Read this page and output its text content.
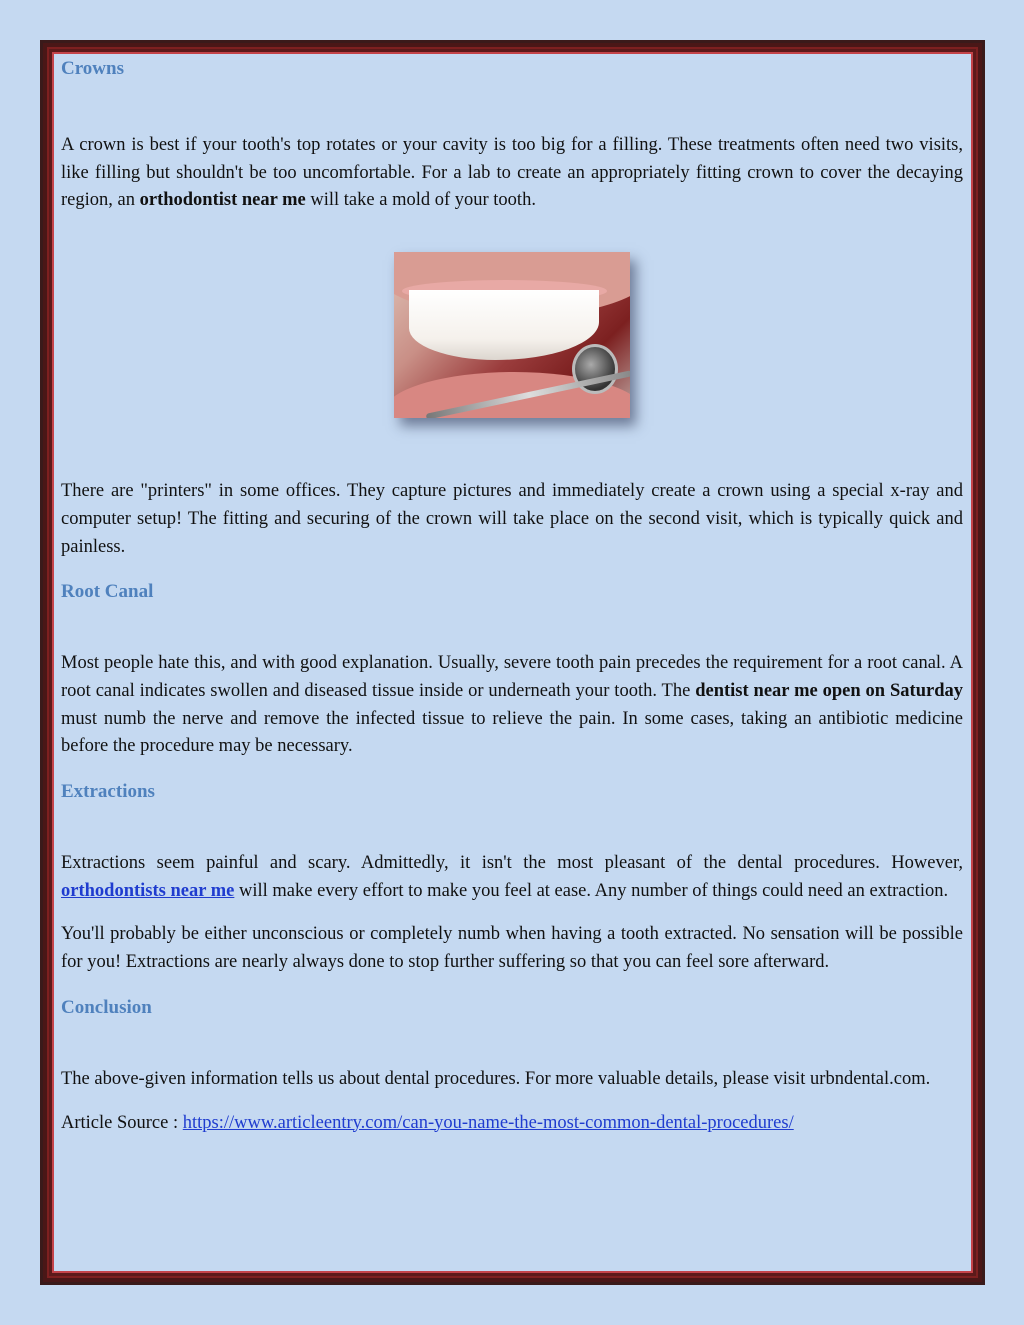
Crowns

A crown is best if your tooth's top rotates or your cavity is too big for a filling. These treatments often need two visits, like filling but shouldn't be too uncomfortable. For a lab to create an appropriately fitting crown to cover the decaying region, an orthodontist near me will take a mold of your tooth.

There are "printers" in some offices. They capture pictures and immediately create a crown using a special x-ray and computer setup! The fitting and securing of the crown will take place on the second visit, which is typically quick and painless.

Root Canal

Most people hate this, and with good explanation. Usually, severe tooth pain precedes the requirement for a root canal. A root canal indicates swollen and diseased tissue inside or underneath your tooth. The dentist near me open on Saturday must numb the nerve and remove the infected tissue to relieve the pain. In some cases, taking an antibiotic medicine before the procedure may be necessary.

Extractions

Extractions seem painful and scary. Admittedly, it isn't the most pleasant of the dental procedures. However, orthodontists near me will make every effort to make you feel at ease. Any number of things could need an extraction.

You'll probably be either unconscious or completely numb when having a tooth extracted. No sensation will be possible for you! Extractions are nearly always done to stop further suffering so that you can feel sore afterward.

Conclusion

The above-given information tells us about dental procedures. For more valuable details, please visit urbndental.com.

Article Source : https://www.articleentry.com/can-you-name-the-most-common-dental-procedures/
